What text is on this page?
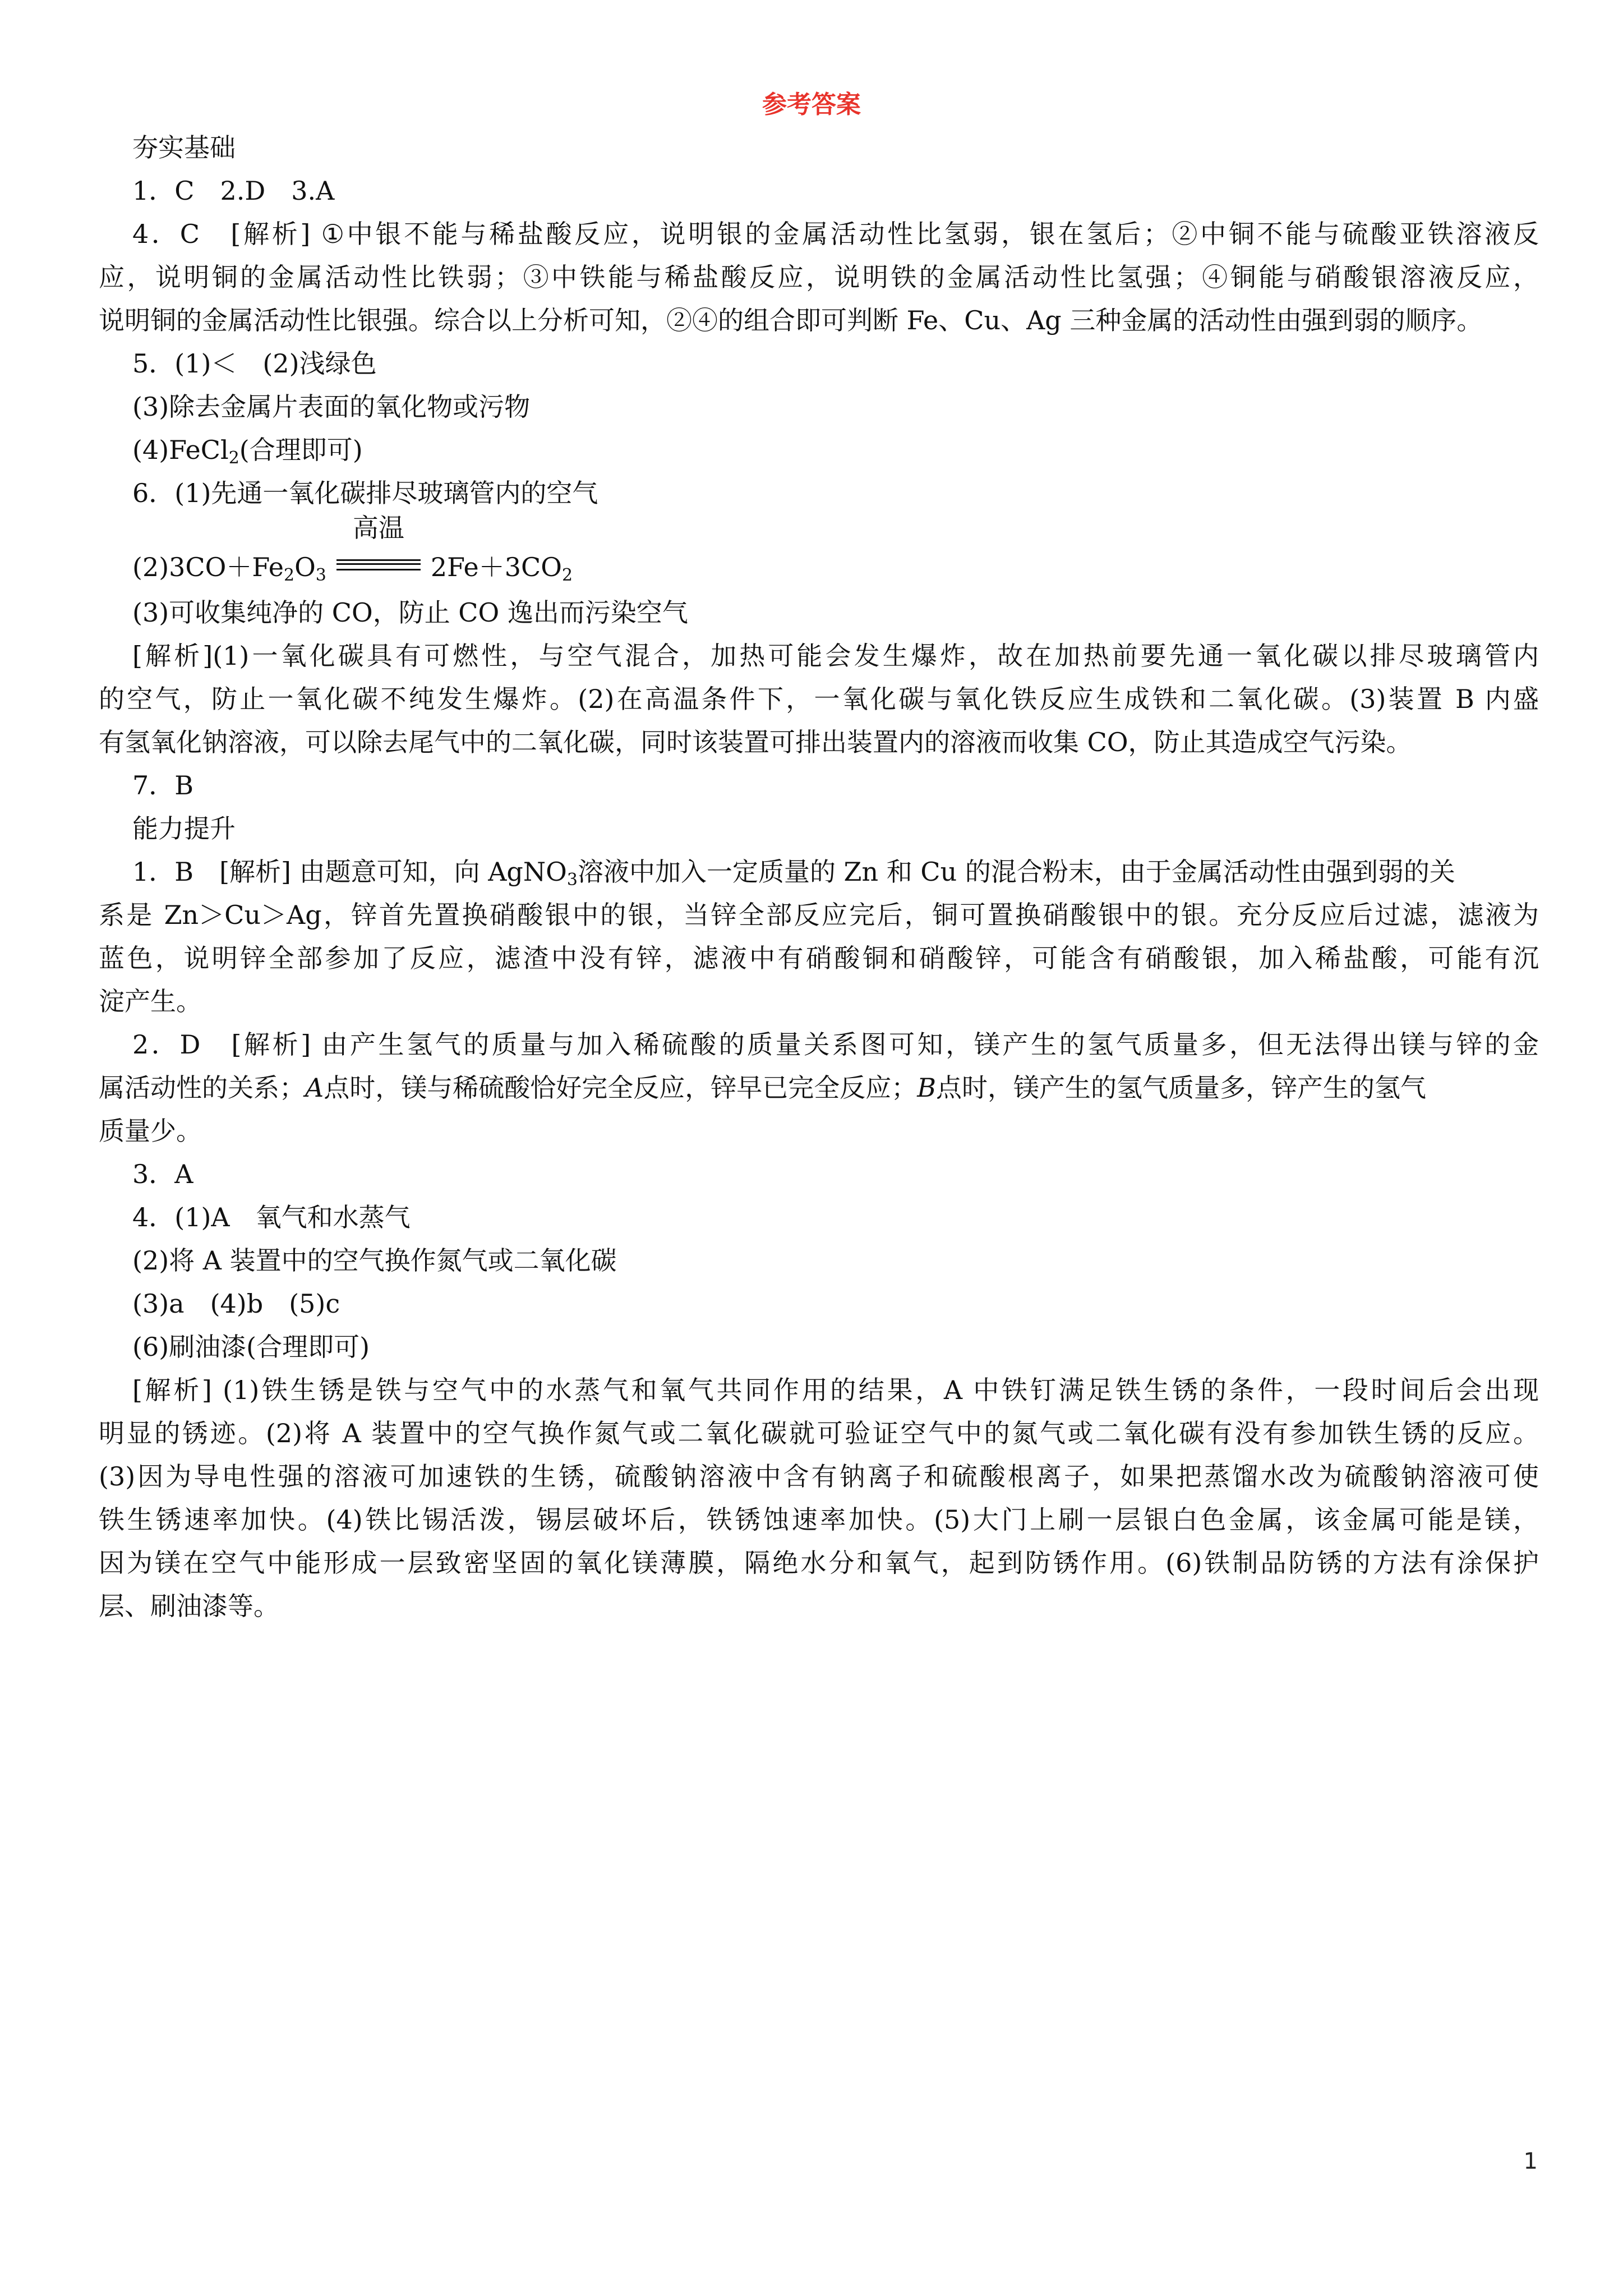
参考答案
夯实基础
1．C　2.D　3.A
4．C　[解析] ①中银不能与稀盐酸反应，说明银的金属活动性比氢弱，银在氢后；②中铜不能与硫酸亚铁溶液反
应，说明铜的金属活动性比铁弱；③中铁能与稀盐酸反应，说明铁的金属活动性比氢强；④铜能与硝酸银溶液反应，
说明铜的金属活动性比银强。综合以上分析可知，②④的组合即可判断 Fe、Cu、Ag 三种金属的活动性由强到弱的顺序。
5．(1)＜　(2)浅绿色
(3)除去金属片表面的氧化物或污物
(4)FeCl$_2$(合理即可)
6．(1)先通一氧化碳排尽玻璃管内的空气
$(2)3CO+Fe_2O_3$
高温
$2Fe+3CO_2$
(3)可收集纯净的 CO，防止 CO 逸出而污染空气
[解析](1)一氧化碳具有可燃性，与空气混合，加热可能会发生爆炸，故在加热前要先通一氧化碳以排尽玻璃管内
的空气，防止一氧化碳不纯发生爆炸。(2)在高温条件下，一氧化碳与氧化铁反应生成铁和二氧化碳。(3)装置 B 内盛
有氢氧化钠溶液，可以除去尾气中的二氧化碳，同时该装置可排出装置内的溶液而收集 CO，防止其造成空气污染。
7．B
能力提升
1．B　[解析] 由题意可知，向 AgNO$_3$溶液中加入一定质量的 Zn 和 Cu 的混合粉末，由于金属活动性由强到弱的关
系是 Zn＞Cu＞Ag，锌首先置换硝酸银中的银，当锌全部反应完后，铜可置换硝酸银中的银。充分反应后过滤，滤液为
蓝色，说明锌全部参加了反应，滤渣中没有锌，滤液中有硝酸铜和硝酸锌，可能含有硝酸银，加入稀盐酸，可能有沉
淀产生。
2．D　[解析] 由产生氢气的质量与加入稀硫酸的质量关系图可知，镁产生的氢气质量多，但无法得出镁与锌的金
属活动性的关系；A点时，镁与稀硫酸恰好完全反应，锌早已完全反应；B点时，镁产生的氢气质量多，锌产生的氢气
质量少。
3．A
4．(1)A　氧气和水蒸气
(2)将 A 装置中的空气换作氮气或二氧化碳
(3)a　(4)b　(5)c
(6)刷油漆(合理即可)
[解析] (1)铁生锈是铁与空气中的水蒸气和氧气共同作用的结果，A 中铁钉满足铁生锈的条件，一段时间后会出现
明显的锈迹。(2)将 A 装置中的空气换作氮气或二氧化碳就可验证空气中的氮气或二氧化碳有没有参加铁生锈的反应。
(3)因为导电性强的溶液可加速铁的生锈，硫酸钠溶液中含有钠离子和硫酸根离子，如果把蒸馏水改为硫酸钠溶液可使
铁生锈速率加快。(4)铁比锡活泼，锡层破坏后，铁锈蚀速率加快。(5)大门上刷一层银白色金属，该金属可能是镁，
因为镁在空气中能形成一层致密坚固的氧化镁薄膜，隔绝水分和氧气，起到防锈作用。(6)铁制品防锈的方法有涂保护
层、刷油漆等。
1
